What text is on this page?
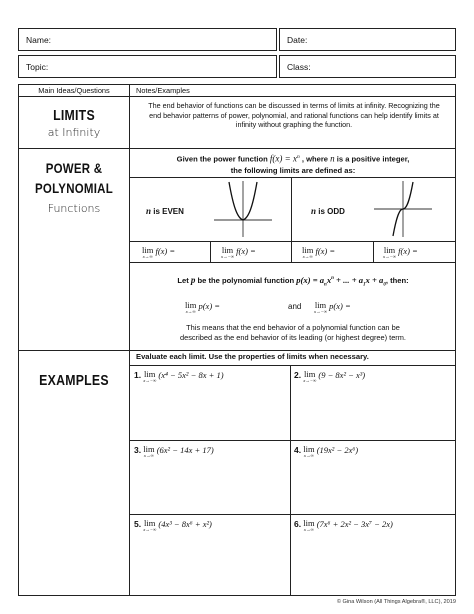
Name:	Date:
Topic:	Class:
Main Ideas/Questions	Notes/Examples
LIMITS
at Infinity
The end behavior of functions can be discussed in terms of limits at infinity. Recognizing the end behavior patterns of power, polynomial, and rational functions can help identify limits at infinity without graphing the function.
POWER &
POLYNOMIAL
Functions
Given the power function $f(x) = x^n$ , where n is a positive integer,
the following limits are defined as:
n is EVEN	n is ODD
lim
x→∞
f(x) =	lim
x→−∞
f(x) =	lim
x→∞
f(x) =	lim
x→−∞
f(x) =
Let p be the polynomial function $p(x) = a_nx^n$ + ... + $a_1x + a_0$, then:
lim
x→∞
p(x) =	and lim
x→−∞
p(x) =
This means that the end behavior of a polynomial function can be
described as the end behavior of its leading (or highest degree) term.
EXAMPLES
Evaluate each limit. Use the properties of limits when necessary.
1. lim
x→−∞
(x⁴ − 5x² − 8x + 1)	2. lim
x→−∞
(9 − 8x² − x³)
3. lim
x→∞
(6x² − 14x + 17)	4. lim
x→∞
(19x² − 2x⁶)
5. lim
x→−∞
(4x³ − 8x⁶ + x²)	6. lim
x→∞
(7x⁶ + 2x² − 3x⁷ − 2x)
© Gina Wilson (All Things Algebra®, LLC), 2019
